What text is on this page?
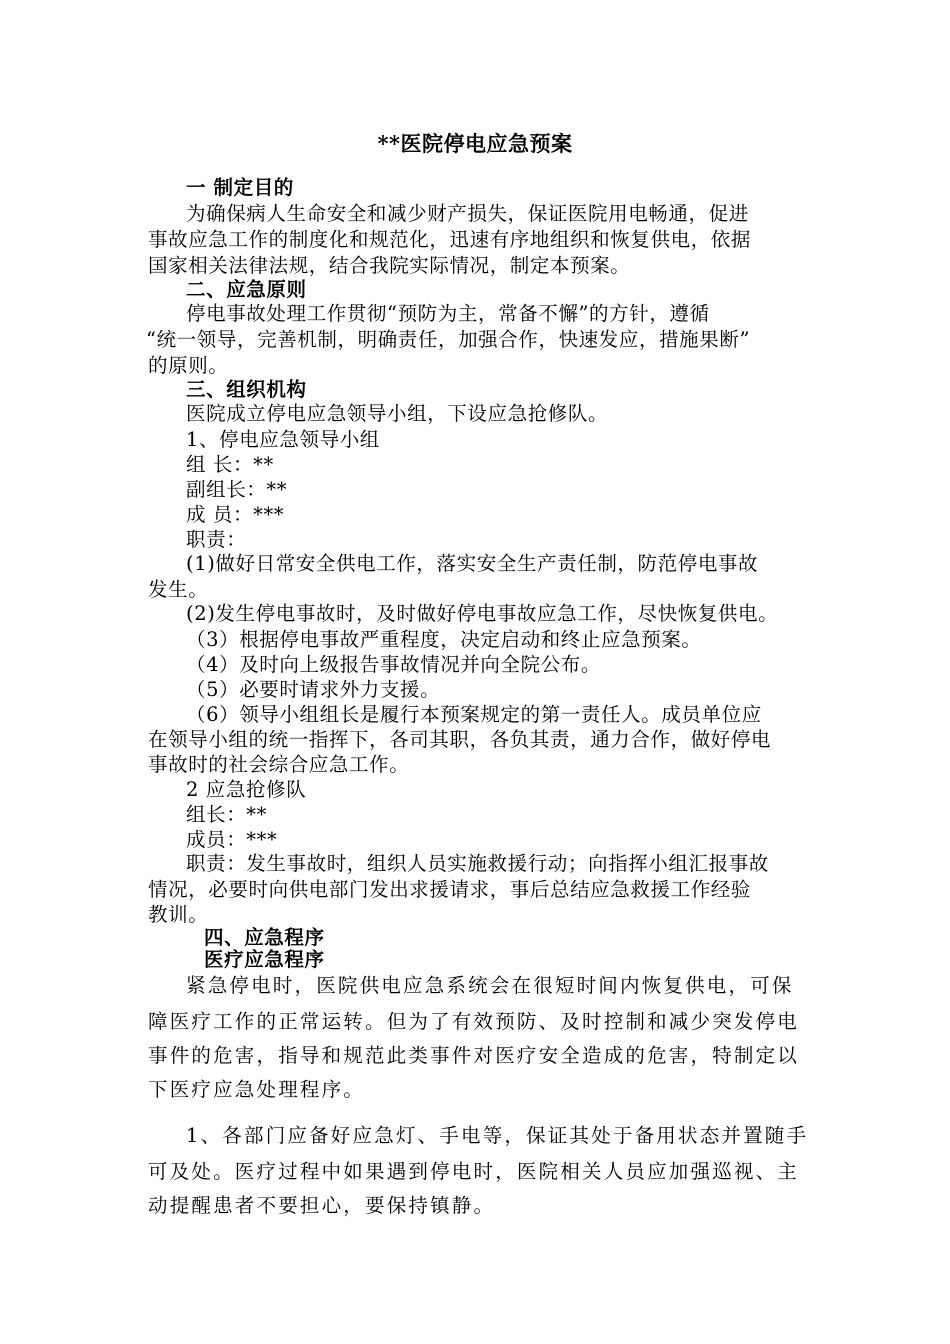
**医院停电应急预案
一 制定目的
为确保病人生命安全和减少财产损失，保证医院用电畅通，促进
事故应急工作的制度化和规范化，迅速有序地组织和恢复供电，依据
国家相关法律法规，结合我院实际情况，制定本预案。
二、应急原则
停电事故处理工作贯彻“预防为主，常备不懈”的方针，遵循
“统一领导，完善机制，明确责任，加强合作，快速发应，措施果断”
的原则。
三、组织机构
医院成立停电应急领导小组，下设应急抢修队。
1、停电应急领导小组
组 长：**
副组长：**
成 员：***
职责：
(1)做好日常安全供电工作，落实安全生产责任制，防范停电事故
发生。
(2)发生停电事故时，及时做好停电事故应急工作，尽快恢复供电。
（3）根据停电事故严重程度，决定启动和终止应急预案。
（4）及时向上级报告事故情况并向全院公布。
（5）必要时请求外力支援。
（6）领导小组组长是履行本预案规定的第一责任人。成员单位应
在领导小组的统一指挥下，各司其职，各负其责，通力合作，做好停电
事故时的社会综合应急工作。
2 应急抢修队
组长：**
成员：***
职责：发生事故时，组织人员实施救援行动；向指挥小组汇报事故
情况，必要时向供电部门发出求援请求，事后总结应急救援工作经验
教训。
四、应急程序
医疗应急程序
紧急停电时，医院供电应急系统会在很短时间内恢复供电，可保
障医疗工作的正常运转。但为了有效预防、及时控制和减少突发停电
事件的危害，指导和规范此类事件对医疗安全造成的危害，特制定以
下医疗应急处理程序。
1、各部门应备好应急灯、手电等，保证其处于备用状态并置随手
可及处。医疗过程中如果遇到停电时，医院相关人员应加强巡视、主
动提醒患者不要担心，要保持镇静。
